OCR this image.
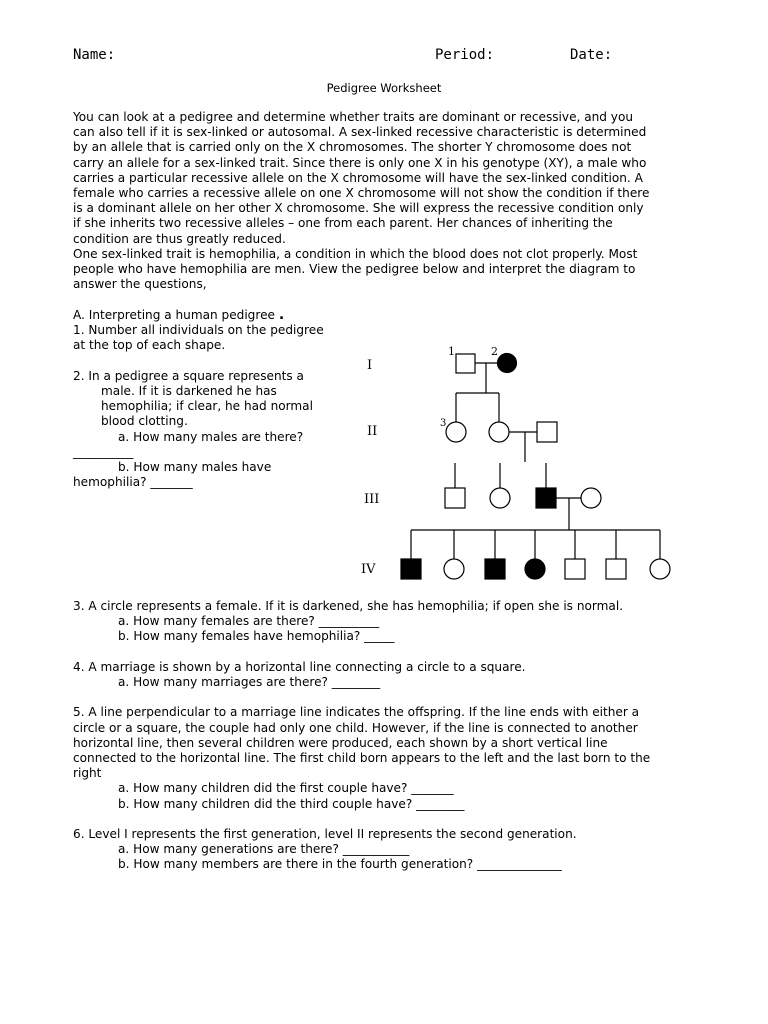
Name:	Period:	Date:
Pedigree Worksheet
You can look at a pedigree and determine whether traits are dominant or recessive, and you
can also tell if it is sex-linked or autosomal. A sex-linked recessive characteristic is determined
by an allele that is carried only on the X chromosomes. The shorter Y chromosome does not
carry an allele for a sex-linked trait. Since there is only one X in his genotype (XY), a male who
carries a particular recessive allele on the X chromosome will have the sex-linked condition. A
female who carries a recessive allele on one X chromosome will not show the condition if there
is a dominant allele on her other X chromosome. She will express the recessive condition only
if she inherits two recessive alleles – one from each parent. Her chances of inheriting the
condition are thus greatly reduced.
One sex-linked trait is hemophilia, a condition in which the blood does not clot properly. Most
people who have hemophilia are men. View the pedigree below and interpret the diagram to
answer the questions,
A. Interpreting a human pedigree .
1. Number all individuals on the pedigree
at the top of each shape.

2. In a pedigree a square represents a
male. If it is darkened he has
hemophilia; if clear, he had normal
blood clotting.
a. How many males are there?
__________
b. How many males have
hemophilia? _______
I
II
III
IV
1	2
3
3. A circle represents a female. If it is darkened, she has hemophilia; if open she is normal.
a. How many females are there? __________
b. How many females have hemophilia? _____

4. A marriage is shown by a horizontal line connecting a circle to a square.
a. How many marriages are there? ________

5. A line perpendicular to a marriage line indicates the offspring. If the line ends with either a
circle or a square, the couple had only one child. However, if the line is connected to another
horizontal line, then several children were produced, each shown by a short vertical line
connected to the horizontal line. The first child born appears to the left and the last born to the
right
a. How many children did the first couple have? _______
b. How many children did the third couple have? ________

6. Level I represents the first generation, level II represents the second generation.
a. How many generations are there? ___________
b. How many members are there in the fourth generation? ______________
